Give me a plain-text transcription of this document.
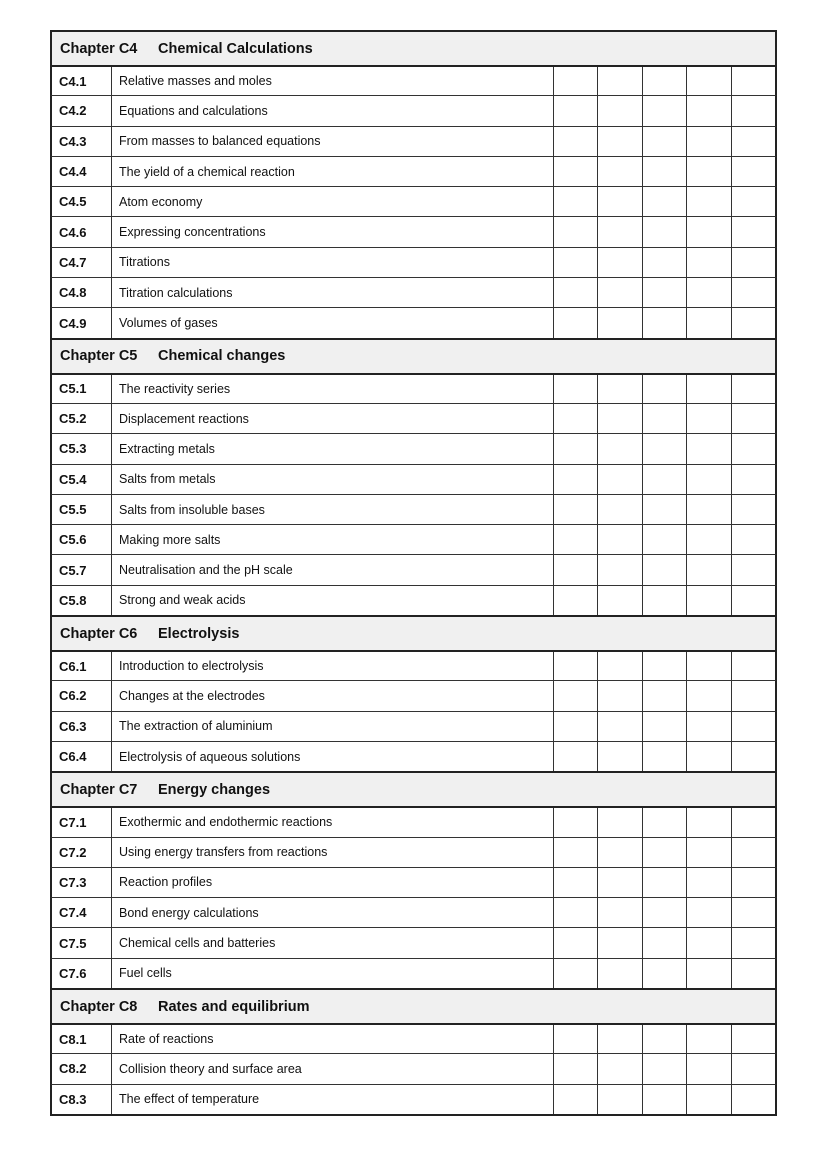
Chapter C4	Chemical Calculations
C4.1	Relative masses and moles
C4.2	Equations and calculations
C4.3	From masses to balanced equations
C4.4	The yield of a chemical reaction
C4.5	Atom economy
C4.6	Expressing concentrations
C4.7	Titrations
C4.8	Titration calculations
C4.9	Volumes of gases
Chapter C5	Chemical changes
C5.1	The reactivity series
C5.2	Displacement reactions
C5.3	Extracting metals
C5.4	Salts from metals
C5.5	Salts from insoluble bases
C5.6	Making more salts
C5.7	Neutralisation and the pH scale
C5.8	Strong and weak acids
Chapter C6	Electrolysis
C6.1	Introduction to electrolysis
C6.2	Changes at the electrodes
C6.3	The extraction of aluminium
C6.4	Electrolysis of aqueous solutions
Chapter C7	Energy changes
C7.1	Exothermic and endothermic reactions
C7.2	Using energy transfers from reactions
C7.3	Reaction profiles
C7.4	Bond energy calculations
C7.5	Chemical cells and batteries
C7.6	Fuel cells
Chapter C8	Rates and equilibrium
C8.1	Rate of reactions
C8.2	Collision theory and surface area
C8.3	The effect of temperature
